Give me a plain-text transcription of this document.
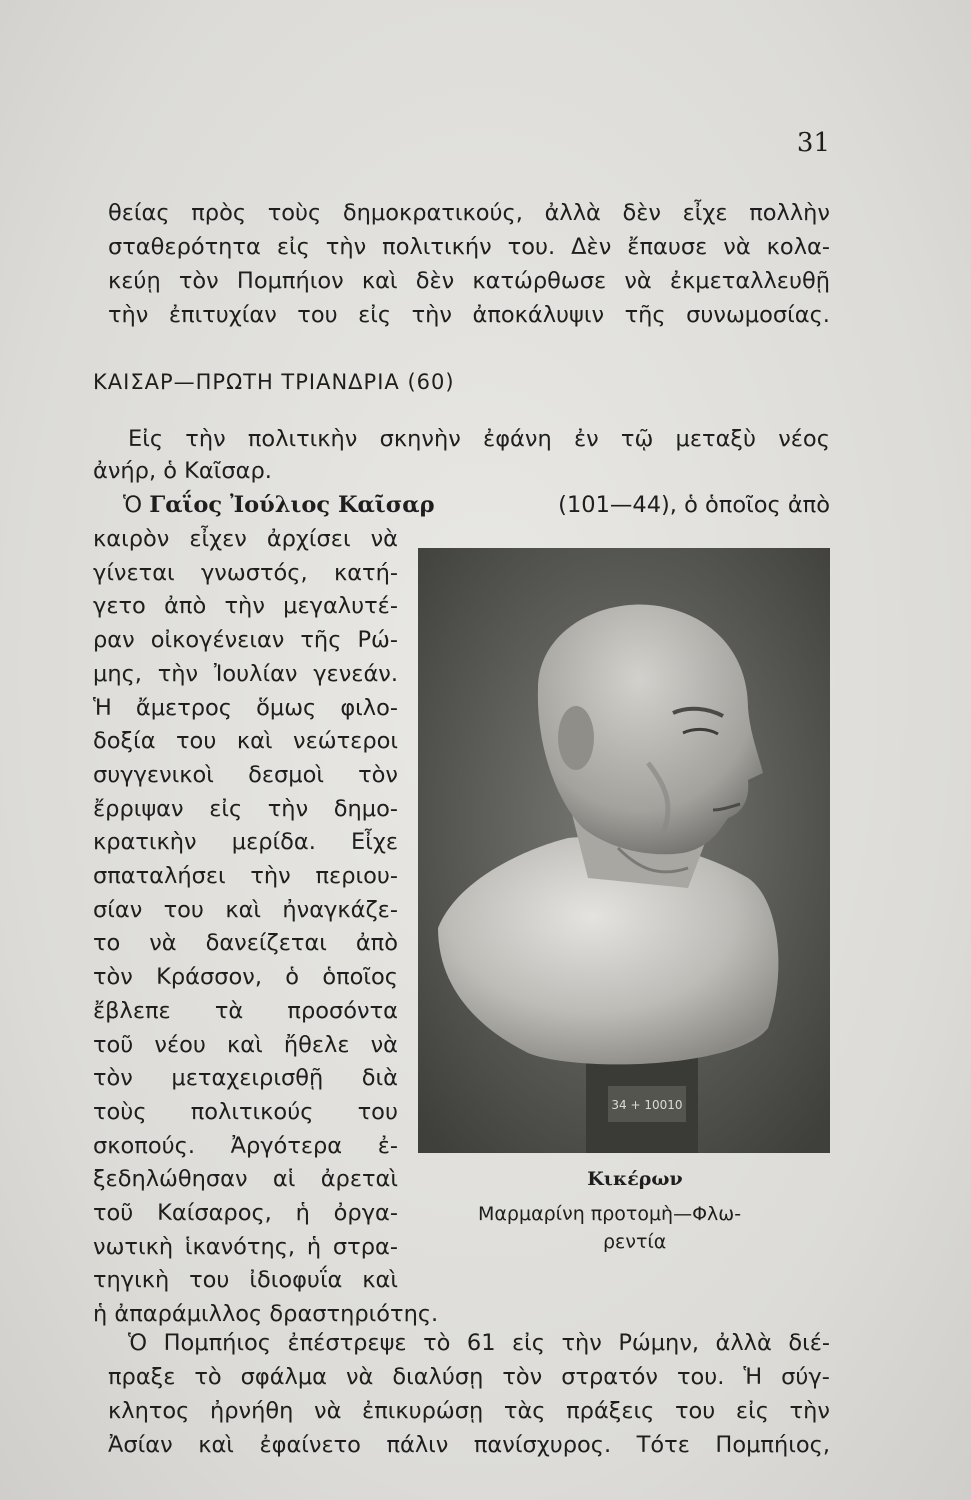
31
θείας πρὸς τοὺς δημοκρατικούς, ἀλλὰ δὲν εἶχε πολλὴν
σταθερότητα εἰς τὴν πολιτικήν του. Δὲν ἔπαυσε νὰ κολα-
κεύῃ τὸν Πομπήιον καὶ δὲν κατώρθωσε νὰ ἐκμεταλλευθῇ
τὴν ἐπιτυχίαν του εἰς τὴν ἀποκάλυψιν τῆς συνωμοσίας.
ΚΑΙΣΑΡ—ΠΡΩΤΗ ΤΡΙΑΝΔΡΙΑ (60)
Εἰς τὴν πολιτικὴν σκηνὴν ἐφάνη ἐν τῷ μεταξὺ νέος
ἀνήρ, ὁ Καῖσαρ.
Ὁ Γαΐος Ἰούλιος Καῖσαρ	(101—44), ὁ ὁποῖος ἀπὸ
καιρὸν εἶχεν ἀρχίσει νὰ
γίνεται γνωστός, κατή-
γετο ἀπὸ τὴν μεγαλυτέ-
ραν οἰκογένειαν τῆς Ρώ-
μης, τὴν Ἰουλίαν γενεάν.
Ἡ ἄμετρος ὅμως φιλο-
δοξία του καὶ νεώτεροι
συγγενικοὶ δεσμοὶ τὸν
ἔρριψαν εἰς τὴν δημο-
κρατικὴν μερίδα. Εἶχε
σπαταλήσει τὴν περιου-
σίαν του καὶ ἠναγκάζε-
το νὰ δανείζεται ἀπὸ
τὸν Κράσσον, ὁ ὁποῖος
ἔβλεπε τὰ προσόντα
τοῦ νέου καὶ ἤθελε νὰ
τὸν μεταχειρισθῇ διὰ
τοὺς πολιτικούς του
σκοπούς. Ἀργότερα ἐ-
ξεδηλώθησαν αἱ ἀρεταὶ
τοῦ Καίσαρος, ἡ ὀργα-
νωτικὴ ἱκανότης, ἡ στρα-
τηγικὴ του ἰδιοφυΐα καὶ
ἡ ἀπαράμιλλος δραστηριότης.
34 + 10010
Κικέρων
Μαρμαρίνη προτομὴ—Φλω-
ρεντία
Ὁ Πομπήιος ἐπέστρεψε τὸ 61 εἰς τὴν Ρώμην, ἀλλὰ διέ-
πραξε τὸ σφάλμα νὰ διαλύσῃ τὸν στρατόν του. Ἡ σύγ-
κλητος ἠρνήθη νὰ ἐπικυρώσῃ τὰς πράξεις του εἰς τὴν
Ἀσίαν καὶ ἐφαίνετο πάλιν πανίσχυρος. Τότε Πομπήιος,
